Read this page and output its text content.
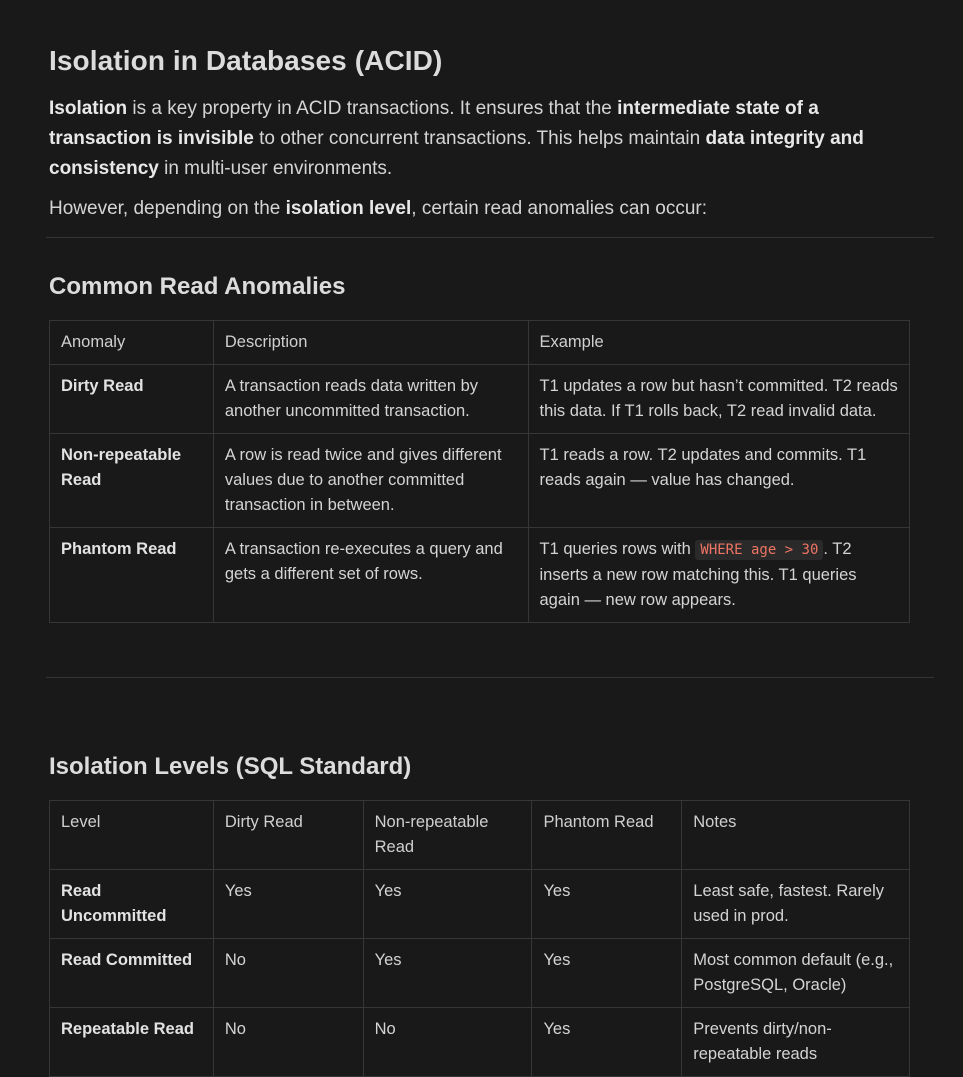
Isolation in Databases (ACID)

Isolation is a key property in ACID transactions. It ensures that the intermediate state of a transaction is invisible to other concurrent transactions. This helps maintain data integrity and consistency in multi-user environments.

However, depending on the isolation level, certain read anomalies can occur:

Common Read Anomalies
Anomaly	Description	Example
Dirty Read	A transaction reads data written by another uncommitted transaction.	T1 updates a row but hasn’t committed. T2 reads this data. If T1 rolls back, T2 read invalid data.
Non-repeatable Read	A row is read twice and gives different values due to another committed transaction in between.	T1 reads a row. T2 updates and commits. T1 reads again — value has changed.
Phantom Read	A transaction re-executes a query and gets a different set of rows.	T1 queries rows with WHERE age > 30 . T2 inserts a new row matching this. T1 queries again — new row appears.
Isolation Levels (SQL Standard)
Level	Dirty Read	Non-repeatable Read	Phantom Read	Notes
Read Uncommitted	Yes	Yes	Yes	Least safe, fastest. Rarely used in prod.
Read Committed	No	Yes	Yes	Most common default (e.g., PostgreSQL, Oracle)
Repeatable Read	No	No	Yes	Prevents dirty/non-repeatable reads
